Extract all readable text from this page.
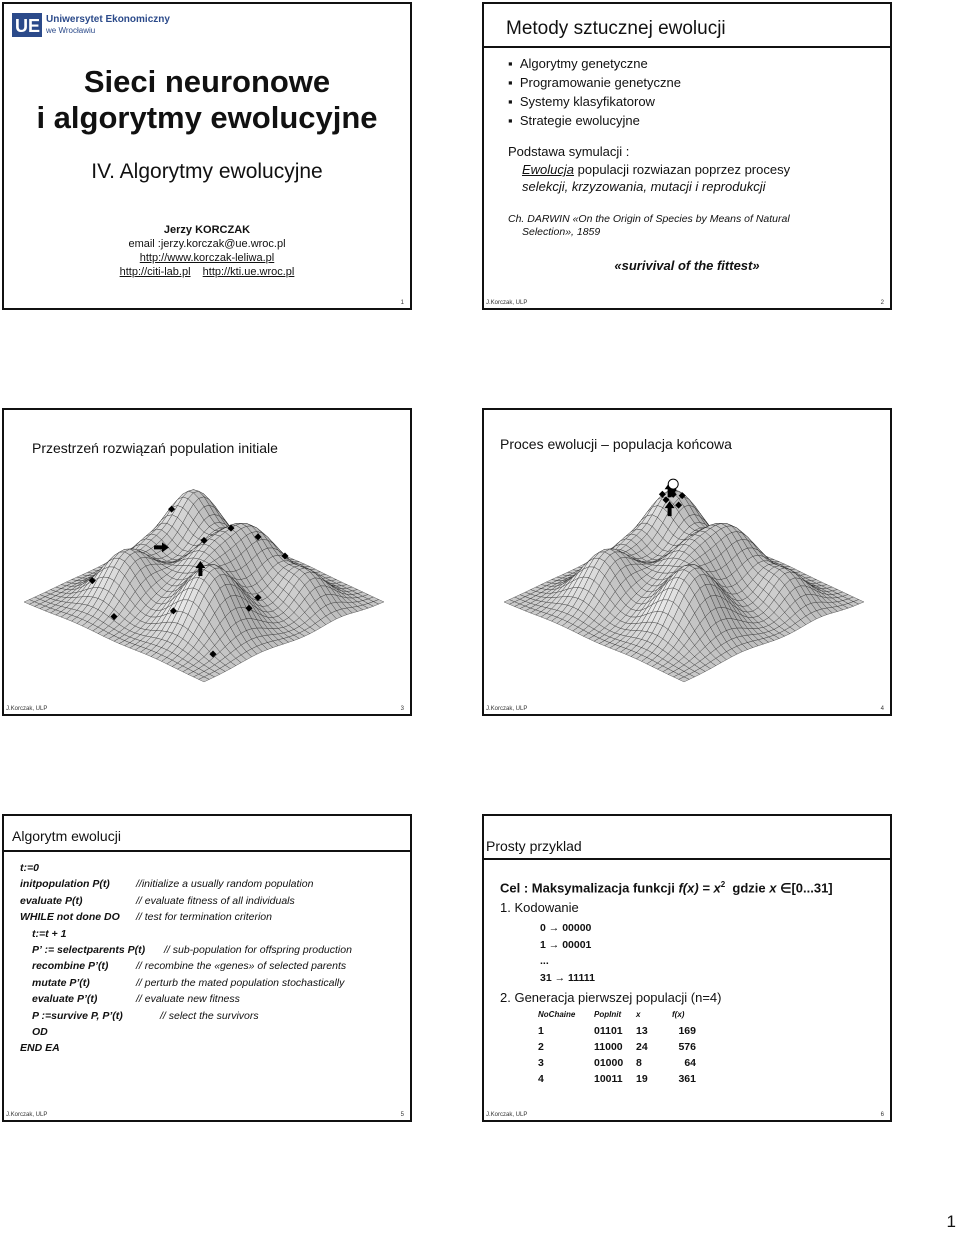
UE Uniwersytet Ekonomiczny
we Wrocławiu
Sieci neuronowe
i algorytmy ewolucyjne
IV. Algorytmy ewolucyjne
Jerzy KORCZAK
email :jerzy.korczak@ue.wroc.pl
http://www.korczak-leliwa.pl
http://citi-lab.pl http://kti.ue.wroc.pl
1
Metody sztucznej ewolucji
▪  Algorytmy genetyczne
▪  Programowanie genetyczne
▪  Systemy klasyfikatorow
▪  Strategie ewolucyjne
Podstawa symulacji :
Ewolucja populacji rozwiazan poprzez procesy
selekcji, krzyzowania, mutacji i reprodukcji
Ch. DARWIN «On the Origin of Species by Means of Natural
Selection», 1859
«surivival of the fittest»
J.Korczak, ULP	2
Przestrzeń rozwiązań population initiale
J.Korczak, ULP	3
Proces ewolucji – populacja końcowa
J.Korczak, ULP	4
Algorytm ewolucji
t:=0
initpopulation P(t) //initialize a usually random population
evaluate P(t)	// evaluate fitness of all individuals
WHILE not done DO // test for termination criterion
t:=t + 1
P’ := selectparents P(t) // sub-population for offspring production
recombine P’(t)	// recombine the «genes» of selected parents
mutate P’(t)	// perturb the mated population stochastically
evaluate P’(t)	// evaluate new fitness
P :=survive P, P’(t)	// select the survivors
OD
END EA
J.Korczak, ULP	5
Prosty przyklad
Cel : Maksymalizacja funkcji $f(x) = x^2$ gdzie x ∈[0...31]
1. Kodowanie
0 → 00000
1 → 00001
...
31 → 11111
2. Generacja pierwszej populacji (n=4)
NoChaine	PopInit	x	f(x)
1	01101	13	169
2	11000	24	576
3	01000	8	64
4	10011	19	361
J.Korczak, ULP	6
1
